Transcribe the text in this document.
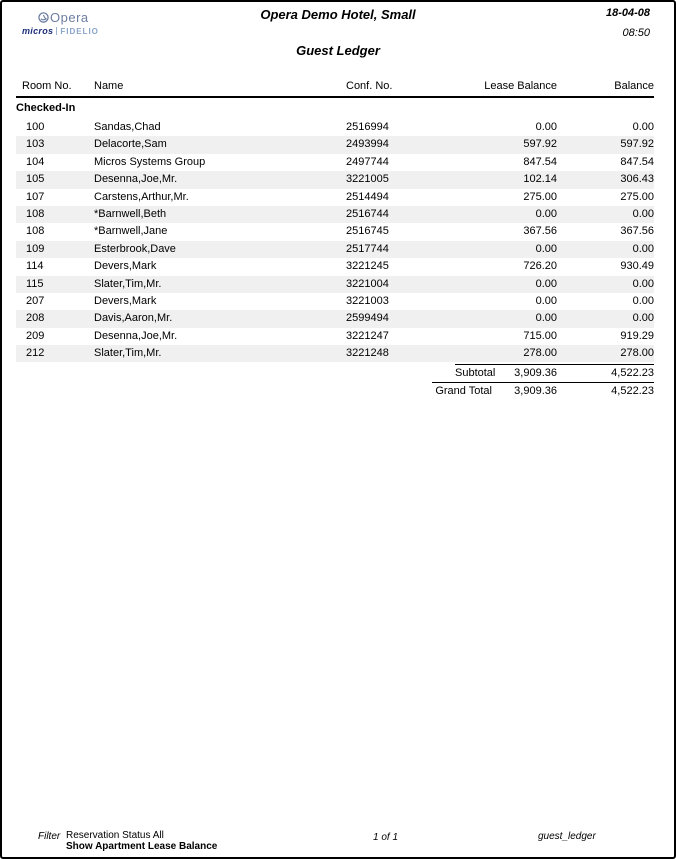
Opera
micros FIDELIO
Opera Demo Hotel, Small	18-04-08
08:50
Guest Ledger
Room No.	Name	Conf. No.	Lease Balance	Balance
Checked-In
100	Sandas,Chad	2516994	0.00	0.00
103	Delacorte,Sam	2493994	597.92	597.92
104	Micros Systems Group	2497744	847.54	847.54
105	Desenna,Joe,Mr.	3221005	102.14	306.43
107	Carstens,Arthur,Mr.	2514494	275.00	275.00
108	*Barnwell,Beth	2516744	0.00	0.00
108	*Barnwell,Jane	2516745	367.56	367.56
109	Esterbrook,Dave	2517744	0.00	0.00
114	Devers,Mark	3221245	726.20	930.49
115	Slater,Tim,Mr.	3221004	0.00	0.00
207	Devers,Mark	3221003	0.00	0.00
208	Davis,Aaron,Mr.	2599494	0.00	0.00
209	Desenna,Joe,Mr.	3221247	715.00	919.29
212	Slater,Tim,Mr.	3221248	278.00	278.00
Subtotal	3,909.36	4,522.23
Grand Total	3,909.36	4,522.23
Filter Reservation Status All
Show Apartment Lease Balance
1 of 1	guest_ledger
